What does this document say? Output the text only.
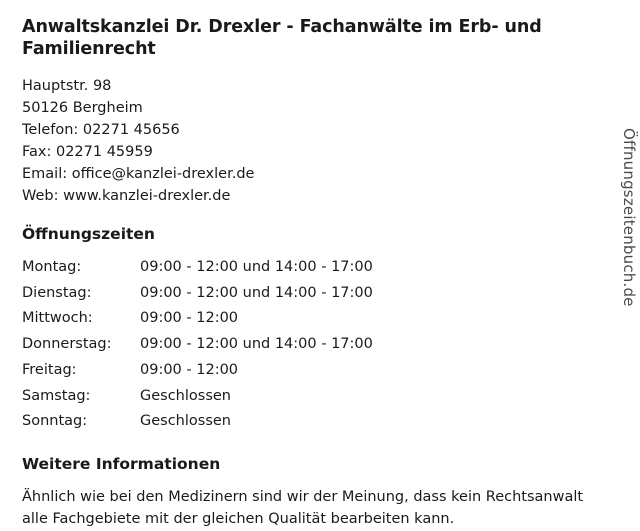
Anwaltskanzlei Dr. Drexler - Fachanwälte im Erb- und Familienrecht
Hauptstr. 98
50126 Bergheim
Telefon: 02271 45656
Fax: 02271 45959
Email: office@kanzlei-drexler.de
Web: www.kanzlei-drexler.de
Öffnungszeiten
Montag:	09:00 - 12:00 und 14:00 - 17:00
Dienstag:	09:00 - 12:00 und 14:00 - 17:00
Mittwoch:	09:00 - 12:00
Donnerstag:	09:00 - 12:00 und 14:00 - 17:00
Freitag:	09:00 - 12:00
Samstag:	Geschlossen
Sonntag:	Geschlossen
Weitere Informationen
Ähnlich wie bei den Medizinern sind wir der Meinung, dass kein Rechtsanwalt alle Fachgebiete mit der gleichen Qualität bearbeiten kann.
Öffnungszeitenbuch.de
